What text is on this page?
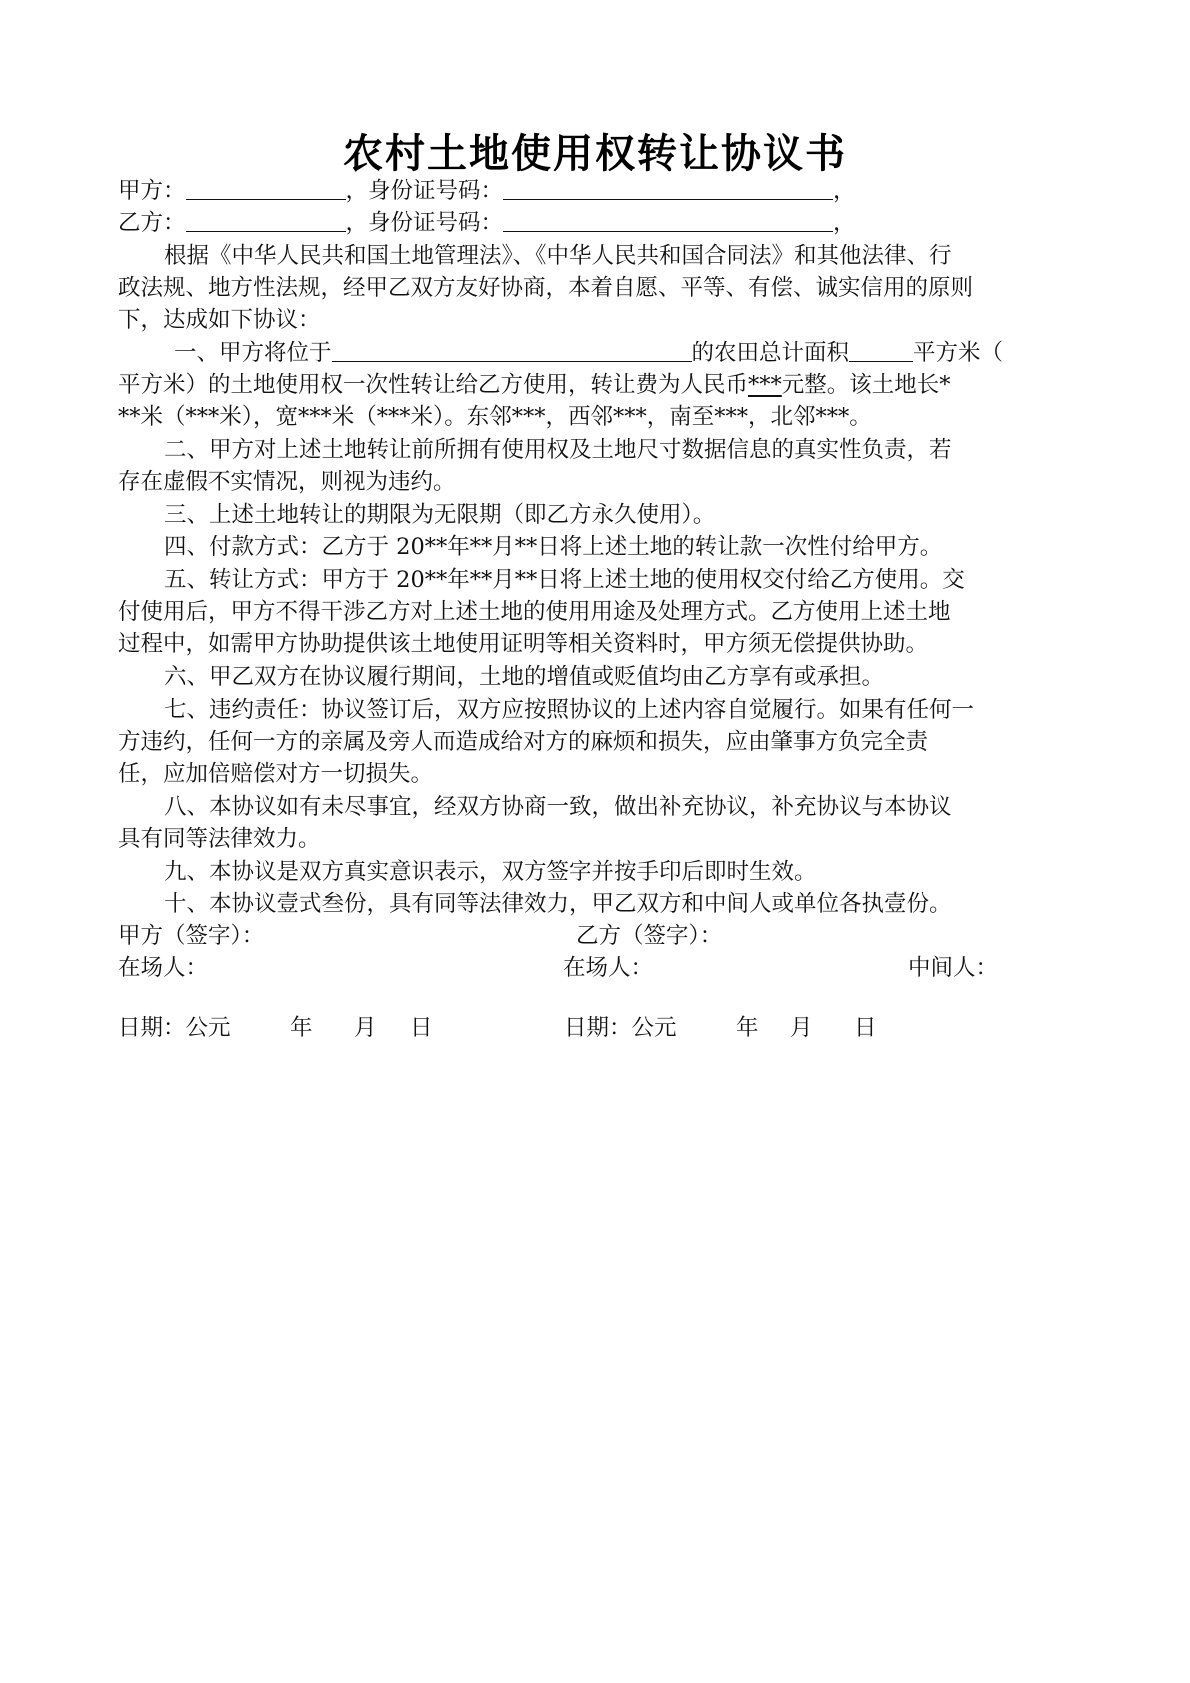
农村土地使用权转让协议书
甲方：	，身份证号码：	，
乙方：	，身份证号码：	，
根据《中华人民共和国土地管理法》、《中华人民共和国合同法》和其他法律、行
政法规、地方性法规，经甲乙双方友好协商，本着自愿、平等、有偿、诚实信用的原则
下，达成如下协议：
一、甲方将位于	的农田总计面积	平方米（
平方米）的土地使用权一次性转让给乙方使用，转让费为人民币***元整。该土地长*
**米（***米），宽***米（***米）。东邻***，西邻***，南至***，北邻***。
二、甲方对上述土地转让前所拥有使用权及土地尺寸数据信息的真实性负责，若
存在虚假不实情况，则视为违约。
三、上述土地转让的期限为无限期（即乙方永久使用）。
四、付款方式：乙方于 20**年**月**日将上述土地的转让款一次性付给甲方。
五、转让方式：甲方于 20**年**月**日将上述土地的使用权交付给乙方使用。交
付使用后，甲方不得干涉乙方对上述土地的使用用途及处理方式。乙方使用上述土地
过程中，如需甲方协助提供该土地使用证明等相关资料时，甲方须无偿提供协助。
六、甲乙双方在协议履行期间，土地的增值或贬值均由乙方享有或承担。
七、违约责任：协议签订后，双方应按照协议的上述内容自觉履行。如果有任何一
方违约，任何一方的亲属及旁人而造成给对方的麻烦和损失，应由肇事方负完全责
任，应加倍赔偿对方一切损失。
八、本协议如有未尽事宜，经双方协商一致，做出补充协议，补充协议与本协议
具有同等法律效力。
九、本协议是双方真实意识表示，双方签字并按手印后即时生效。
十、本协议壹式叁份，具有同等法律效力，甲乙双方和中间人或单位各执壹份。
甲方（签字）：	乙方（签字）：
在场人：	在场人：	中间人：
日期：公元	年 月 日	日期：公元	年 月 日
